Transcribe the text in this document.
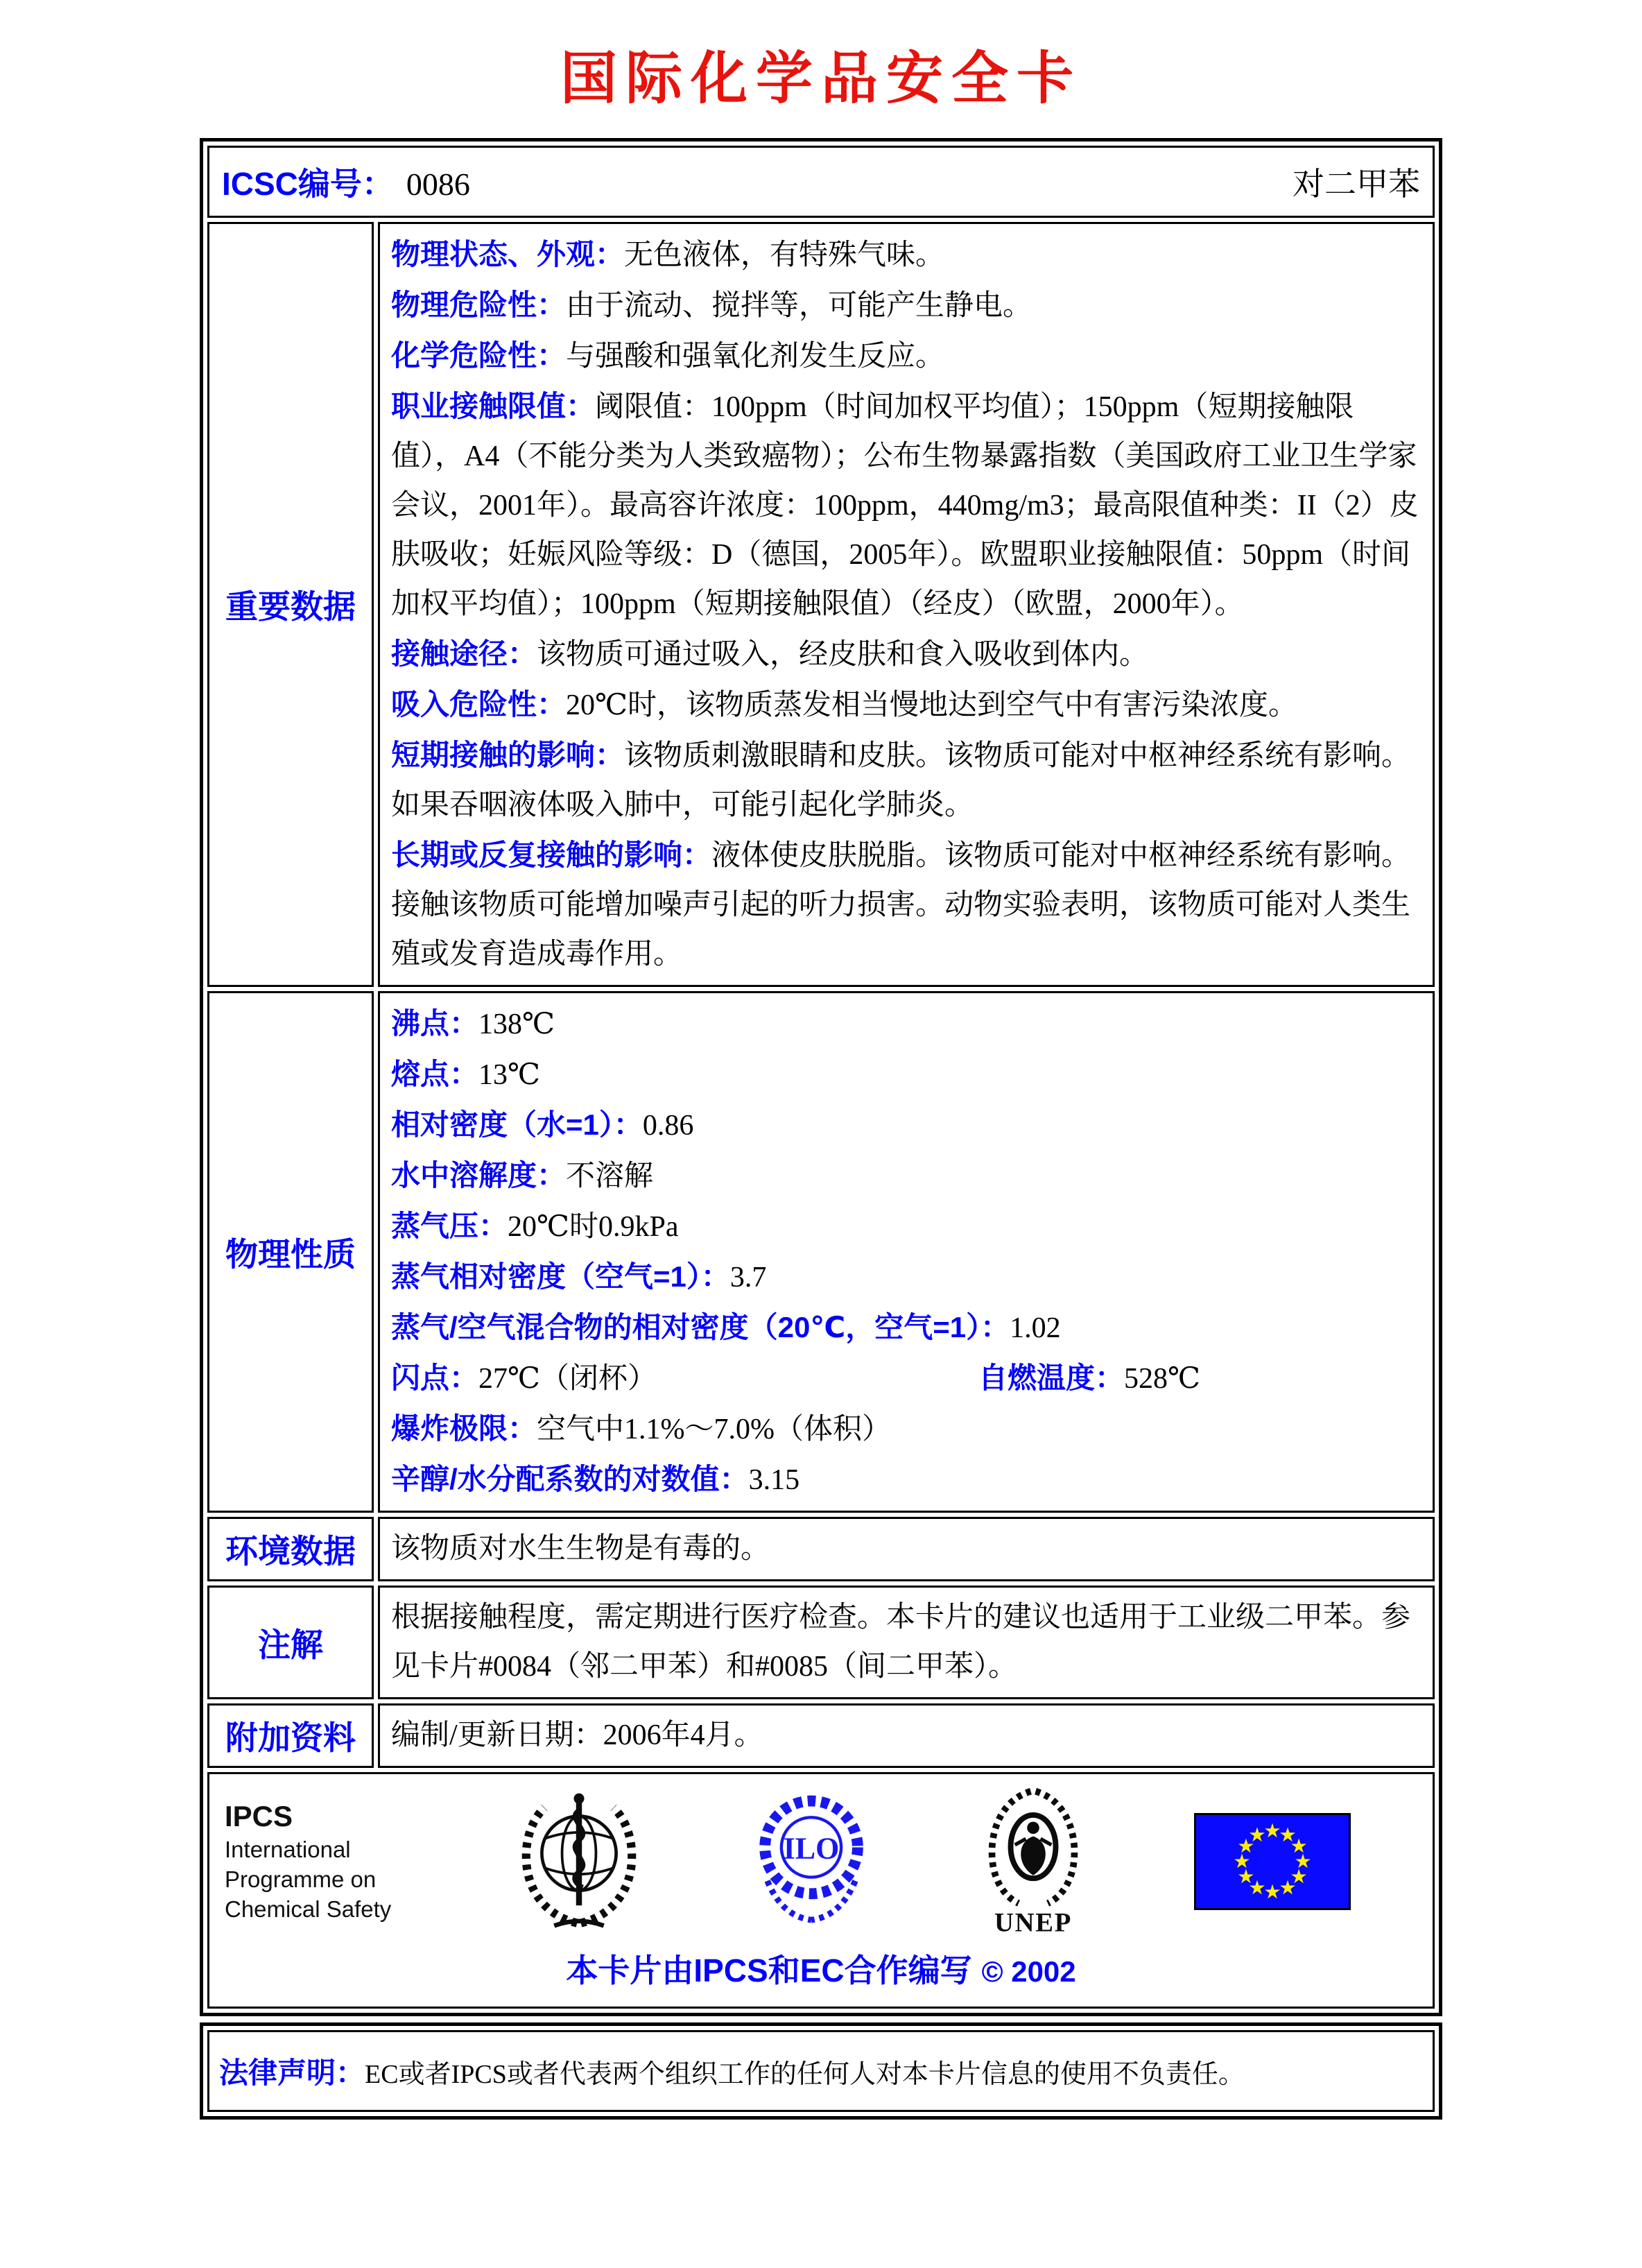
国际化学品安全卡
ICSC编号： 0086 对二甲苯	

重要数据	
物理状态、外观：无色液体，有特殊气味。
物理危险性：由于流动、搅拌等，可能产生静电。
化学危险性：与强酸和强氧化剂发生反应。
职业接触限值：阈限值：100ppm（时间加权平均值）；150ppm（短期接触限值），A4（不能分类为人类致癌物）；公布生物暴露指数（美国政府工业卫生学家会议，2001年）。最高容许浓度：100ppm，440mg/m3；最高限值种类：II（2）皮肤吸收；妊娠风险等级：D（德国，2005年）。欧盟职业接触限值：50ppm（时间加权平均值）；100ppm（短期接触限值）（经皮）（欧盟，2000年）。
接触途径：该物质可通过吸入，经皮肤和食入吸收到体内。
吸入危险性：20℃时，该物质蒸发相当慢地达到空气中有害污染浓度。
短期接触的影响：该物质刺激眼睛和皮肤。该物质可能对中枢神经系统有影响。如果吞咽液体吸入肺中，可能引起化学肺炎。
长期或反复接触的影响：液体使皮肤脱脂。该物质可能对中枢神经系统有影响。接触该物质可能增加噪声引起的听力损害。动物实验表明，该物质可能对人类生殖或发育造成毒作用。

物理性质	
沸点：138℃
熔点：13℃
相对密度（水=1）：0.86
水中溶解度：不溶解
蒸气压：20℃时0.9kPa
蒸气相对密度（空气=1）：3.7
蒸气/空气混合物的相对密度（20℃，空气=1）：1.02
闪点：27℃（闭杯）	自燃温度：528℃
爆炸极限：空气中1.1%～7.0%（体积）
辛醇/水分配系数的对数值：3.15

环境数据	该物质对水生生物是有毒的。
注解	根据接触程度，需定期进行医疗检查。本卡片的建议也适用于工业级二甲苯。参见卡片#0084（邻二甲苯）和#0085（间二甲苯）。
附加资料	编制/更新日期：2006年4月。

IPCS
International
Programme on
Chemical Safety
ILO
UNEP
本卡片由IPCS和EC合作编写 © 2002
法律声明：EC或者IPCS或者代表两个组织工作的任何人对本卡片信息的使用不负责任。
